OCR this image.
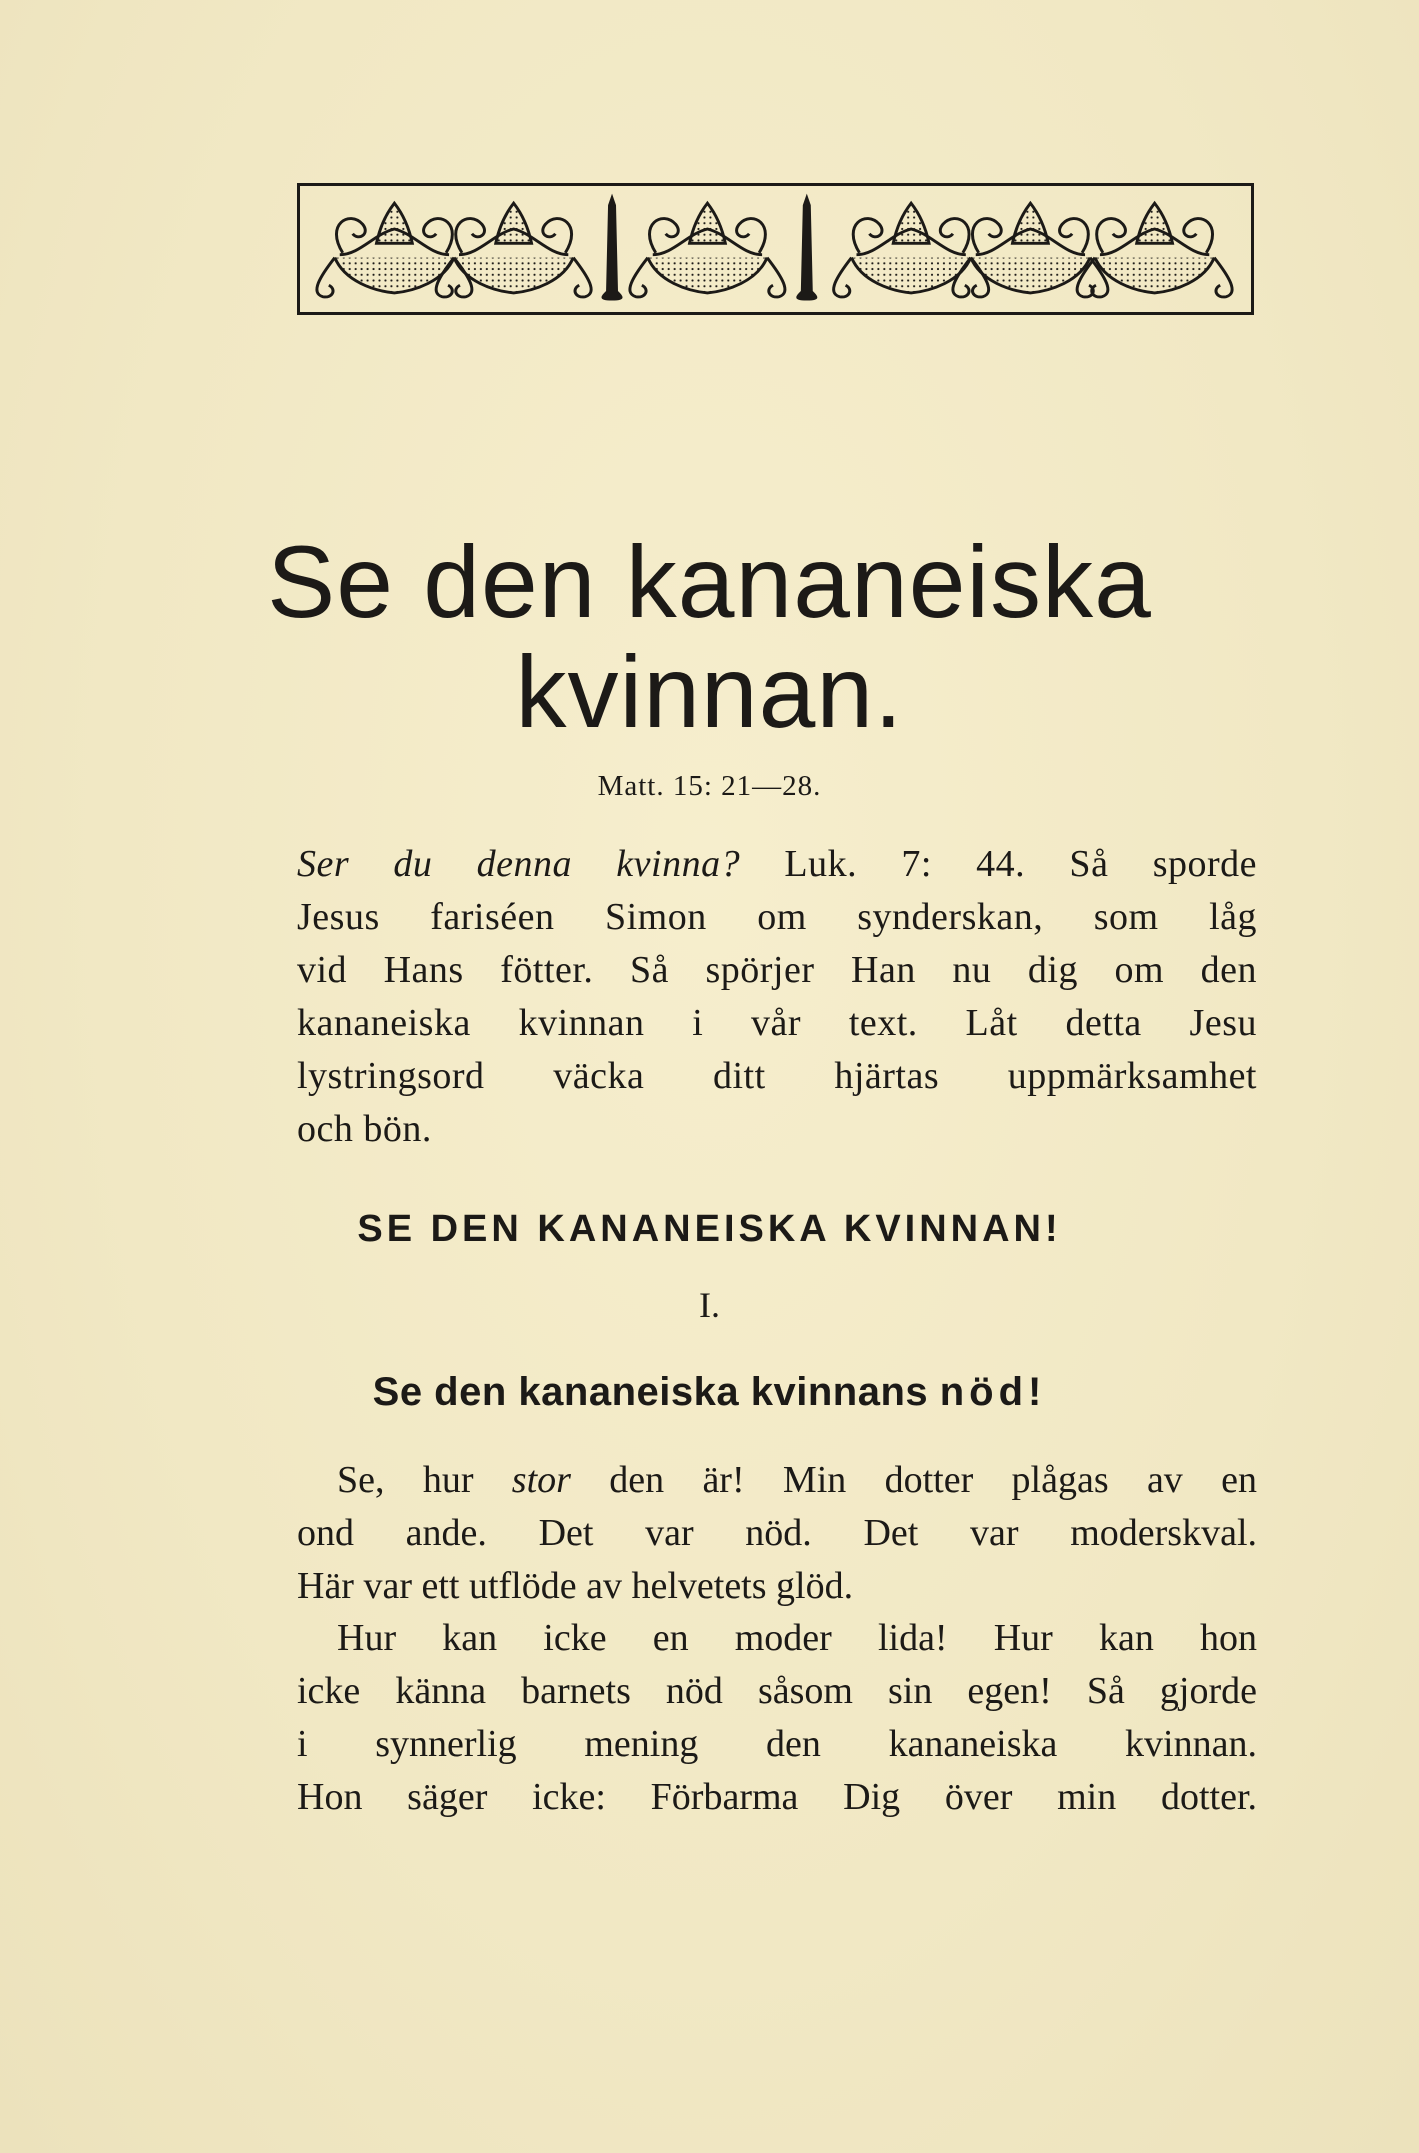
Se den kananeiska
kvinnan.
Matt. 15: 21—28.
Ser du denna kvinna? Luk. 7: 44. Så sporde
Jesus fariséen Simon om synderskan, som låg
vid Hans fötter. Så spörjer Han nu dig om den
kananeiska kvinnan i vår text. Låt detta Jesu
lystringsord väcka ditt hjärtas uppmärksamhet
och bön.
SE DEN KANANEISKA KVINNAN!
I.
Se den kananeiska kvinnans nöd!
Se, hur stor den är! Min dotter plågas av en
ond ande. Det var nöd. Det var moderskval.
Här var ett utflöde av helvetets glöd.
Hur kan icke en moder lida! Hur kan hon
icke känna barnets nöd såsom sin egen! Så gjorde
i synnerlig mening den kananeiska kvinnan.
Hon säger icke: Förbarma Dig över min dotter.
